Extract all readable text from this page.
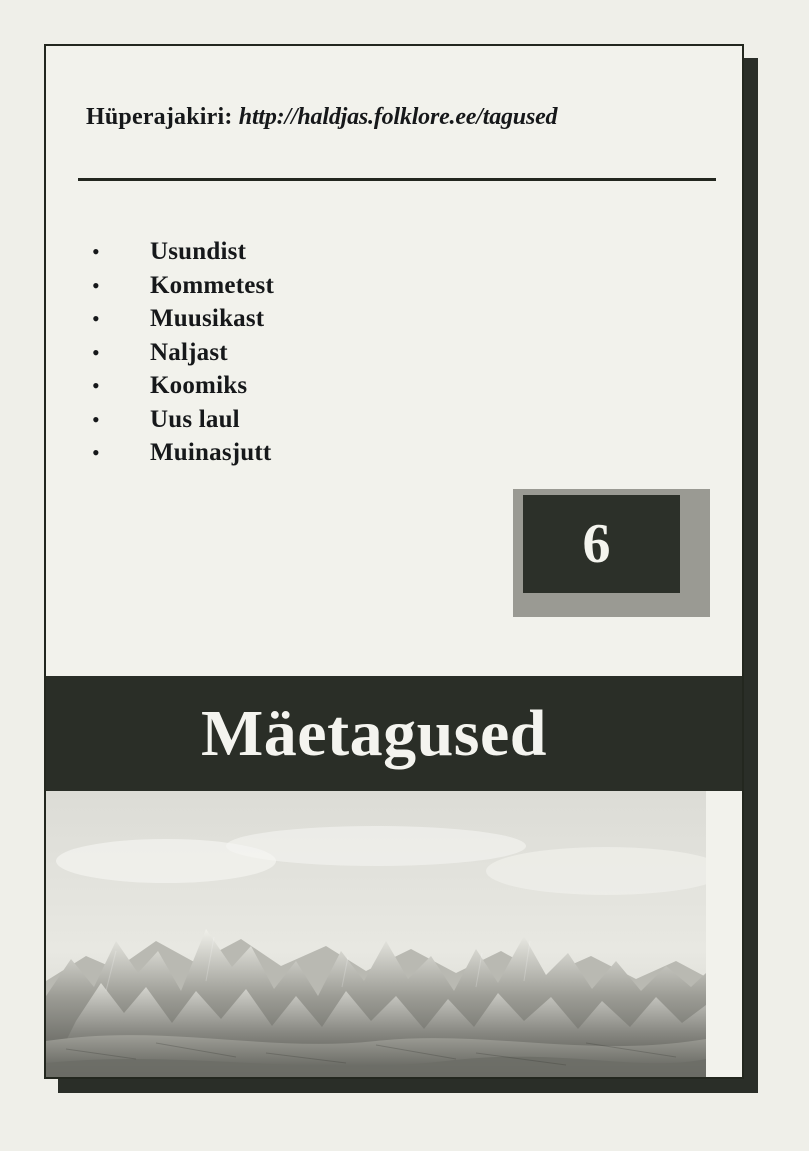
Hüperajakiri: http://haldjas.folklore.ee/tagused
•	Usundist
•	Kommetest
•	Muusikast
•	Naljast
•	Koomiks
•	Uus laul
•	Muinasjutt
6
Mäetagused
